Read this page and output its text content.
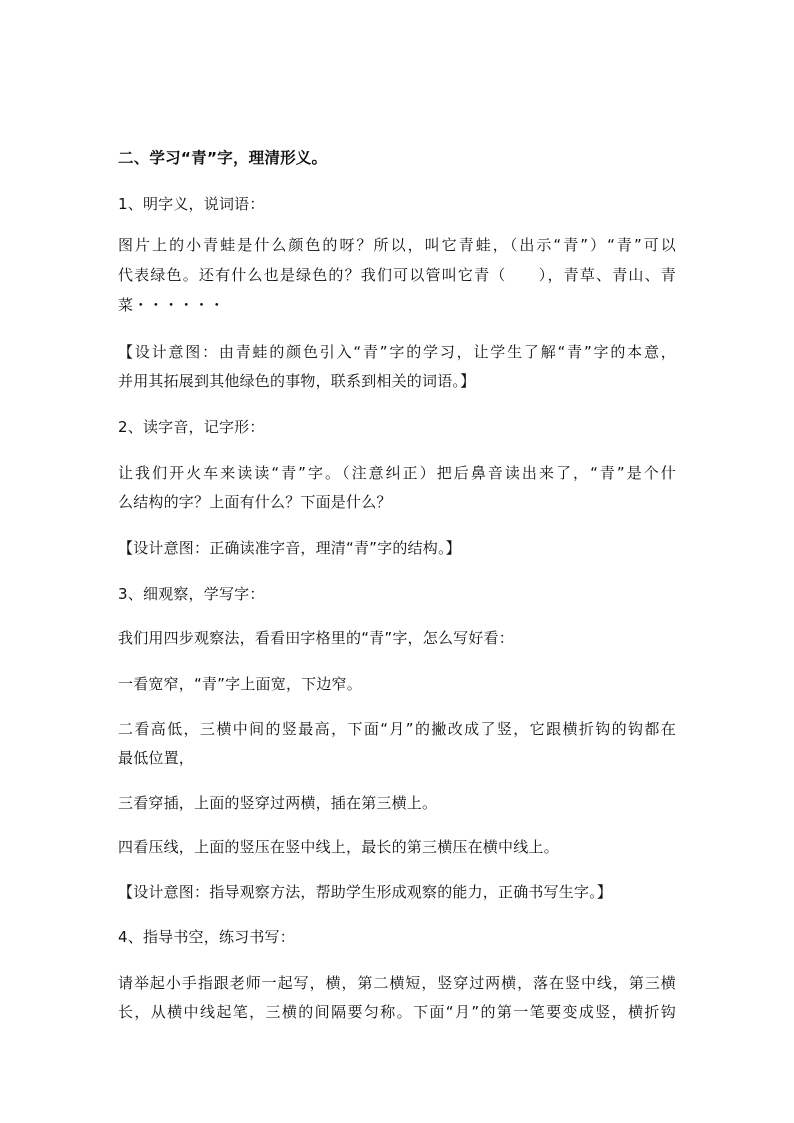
二、学习“青”字，理清形义。
1、明字义，说词语：
图片上的小青蛙是什么颜色的呀？所以，叫它青蛙，（出示“青”）“青”可以
代表绿色。还有什么也是绿色的？我们可以管叫它青（　　），青草、青山、青
菜・・・・・・
【设计意图：由青蛙的颜色引入“青”字的学习，让学生了解“青”字的本意，
并用其拓展到其他绿色的事物，联系到相关的词语。】
2、读字音，记字形：
让我们开火车来读读“青”字。（注意纠正）把后鼻音读出来了，“青”是个什
么结构的字？上面有什么？下面是什么？
【设计意图：正确读准字音，理清“青”字的结构。】
3、细观察，学写字：
我们用四步观察法，看看田字格里的“青”字，怎么写好看：
一看宽窄，“青”字上面宽，下边窄。
二看高低，三横中间的竖最高，下面“月”的撇改成了竖，它跟横折钩的钩都在
最低位置，
三看穿插，上面的竖穿过两横，插在第三横上。
四看压线，上面的竖压在竖中线上，最长的第三横压在横中线上。
【设计意图：指导观察方法，帮助学生形成观察的能力，正确书写生字。】
4、指导书空，练习书写：
请举起小手指跟老师一起写，横，第二横短，竖穿过两横，落在竖中线，第三横
长，从横中线起笔，三横的间隔要匀称。下面“月”的第一笔要变成竖，横折钩
